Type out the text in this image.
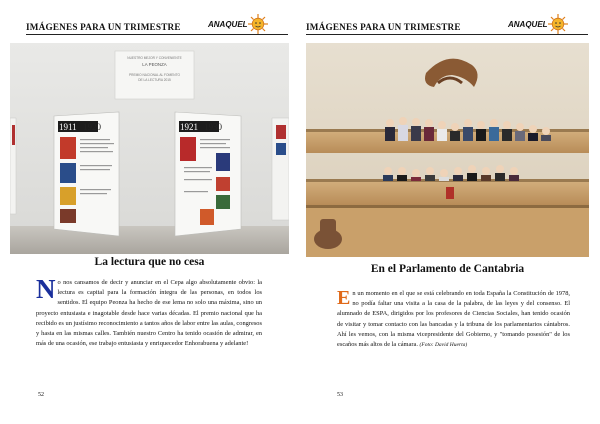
IMÁGENES PARA UN TRIMESTRE	ANAQUEL
NUESTRO MEJOR Y CONVENIENTE
LA PEONZA
PREMIO NACIONAL AL FOMENTO
DE LA LECTURA 2015
1911 1920	1921 1930
La lectura que no cesa
No nos cansamos de decir y anunciar en el Cepa algo absolutamente obvio: la lectura es capital para la formación íntegra de las personas, en todos los sentidos. El equipo Peonza ha hecho de ese lema no solo una máxima, sino un proyecto entusiasta e inagotable desde hace varias décadas. El premio nacional que ha recibido es un justísimo reconocimiento a tantos años de labor entre las aulas, congresos y hasta en las mismas calles. También nuestro Centro ha tenido ocasión de admirar, en más de una ocasión, ese trabajo entusiasta y enriquecedor Enhorabuena y adelante!
52
IMÁGENES PARA UN TRIMESTRE	ANAQUEL
En el Parlamento de Cantabria
En un momento en el que se está celebrando en toda España la Constitución de 1978, no podía faltar una visita a la casa de la palabra, de las leyes y del consenso. El alumnado de ESPA, dirigidos por los profesores de Ciencias Sociales, han tenido ocasión de visitar y tomar contacto con las bancadas y la tribuna de los parlamentarios cántabros. Ahí les vemos, con la misma vicepresidente del Gobierno, y "tomando posesión" de los escaños más altos de la cámara. (Foto: David Huerta)
53
